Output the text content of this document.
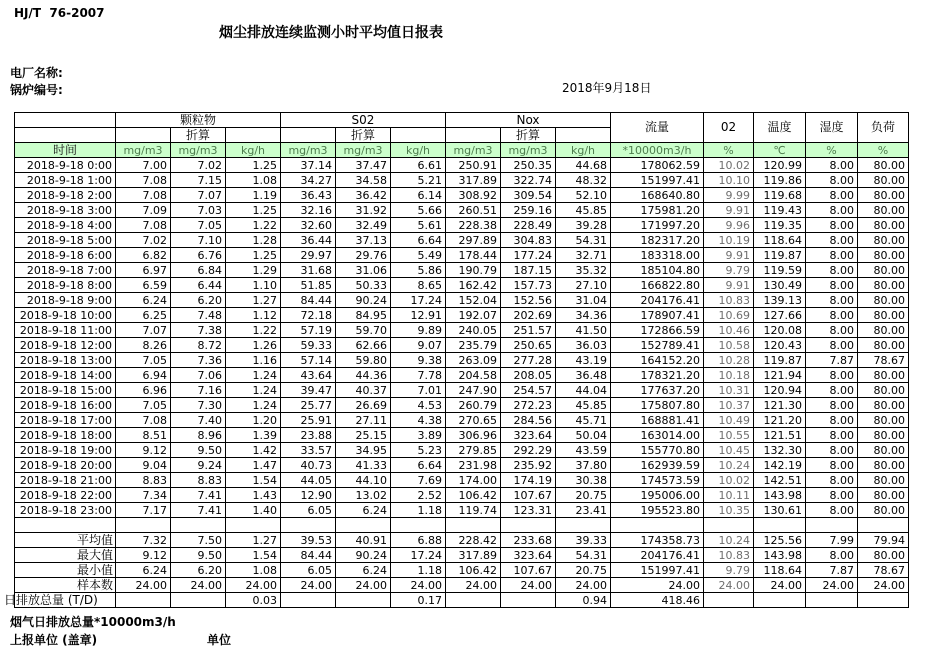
HJ/T  76-2007
烟尘排放连续监测小时平均值日报表
电厂名称:
锅炉编号:	2018年9月18日
	颗粒物			S02			Nox			流量	02	温度	湿度	负荷
		折算			折算			折算						
时间	mg/m3	mg/m3	kg/h	mg/m3	mg/m3	kg/h	mg/m3	mg/m3	kg/h	*10000m3/h	%	℃	%	%
2018-9-18 0:00	7.00	7.02	1.25	37.14	37.47	6.61	250.91	250.35	44.68	178062.59	10.02	120.99	8.00	80.00
2018-9-18 1:00	7.08	7.15	1.08	34.27	34.58	5.21	317.89	322.74	48.32	151997.41	10.10	119.86	8.00	80.00
2018-9-18 2:00	7.08	7.07	1.19	36.43	36.42	6.14	308.92	309.54	52.10	168640.80	9.99	119.68	8.00	80.00
2018-9-18 3:00	7.09	7.03	1.25	32.16	31.92	5.66	260.51	259.16	45.85	175981.20	9.91	119.43	8.00	80.00
2018-9-18 4:00	7.08	7.05	1.22	32.60	32.49	5.61	228.38	228.49	39.28	171997.20	9.96	119.35	8.00	80.00
2018-9-18 5:00	7.02	7.10	1.28	36.44	37.13	6.64	297.89	304.83	54.31	182317.20	10.19	118.64	8.00	80.00
2018-9-18 6:00	6.82	6.76	1.25	29.97	29.76	5.49	178.44	177.24	32.71	183318.00	9.91	119.87	8.00	80.00
2018-9-18 7:00	6.97	6.84	1.29	31.68	31.06	5.86	190.79	187.15	35.32	185104.80	9.79	119.59	8.00	80.00
2018-9-18 8:00	6.59	6.44	1.10	51.85	50.33	8.65	162.42	157.73	27.10	166822.80	9.91	130.49	8.00	80.00
2018-9-18 9:00	6.24	6.20	1.27	84.44	90.24	17.24	152.04	152.56	31.04	204176.41	10.83	139.13	8.00	80.00
2018-9-18 10:00	6.25	7.48	1.12	72.18	84.95	12.91	192.07	202.69	34.36	178907.41	10.69	127.66	8.00	80.00
2018-9-18 11:00	7.07	7.38	1.22	57.19	59.70	9.89	240.05	251.57	41.50	172866.59	10.46	120.08	8.00	80.00
2018-9-18 12:00	8.26	8.72	1.26	59.33	62.66	9.07	235.79	250.65	36.03	152789.41	10.58	120.43	8.00	80.00
2018-9-18 13:00	7.05	7.36	1.16	57.14	59.80	9.38	263.09	277.28	43.19	164152.20	10.28	119.87	7.87	78.67
2018-9-18 14:00	6.94	7.06	1.24	43.64	44.36	7.78	204.58	208.05	36.48	178321.20	10.18	121.94	8.00	80.00
2018-9-18 15:00	6.96	7.16	1.24	39.47	40.37	7.01	247.90	254.57	44.04	177637.20	10.31	120.94	8.00	80.00
2018-9-18 16:00	7.05	7.30	1.24	25.77	26.69	4.53	260.79	272.23	45.85	175807.80	10.37	121.30	8.00	80.00
2018-9-18 17:00	7.08	7.40	1.20	25.91	27.11	4.38	270.65	284.56	45.71	168881.41	10.49	121.20	8.00	80.00
2018-9-18 18:00	8.51	8.96	1.39	23.88	25.15	3.89	306.96	323.64	50.04	163014.00	10.55	121.51	8.00	80.00
2018-9-18 19:00	9.12	9.50	1.42	33.57	34.95	5.23	279.85	292.29	43.59	155770.80	10.45	132.30	8.00	80.00
2018-9-18 20:00	9.04	9.24	1.47	40.73	41.33	6.64	231.98	235.92	37.80	162939.59	10.24	142.19	8.00	80.00
2018-9-18 21:00	8.83	8.83	1.54	44.05	44.10	7.69	174.00	174.19	30.38	174573.59	10.02	142.51	8.00	80.00
2018-9-18 22:00	7.34	7.41	1.43	12.90	13.02	2.52	106.42	107.67	20.75	195006.00	10.11	143.98	8.00	80.00
2018-9-18 23:00	7.17	7.41	1.40	6.05	6.24	1.18	119.74	123.31	23.41	195523.80	10.35	130.61	8.00	80.00

平均值	7.32	7.50	1.27	39.53	40.91	6.88	228.42	233.68	39.33	174358.73	10.24	125.56	7.99	79.94
最大值	9.12	9.50	1.54	84.44	90.24	17.24	317.89	323.64	54.31	204176.41	10.83	143.98	8.00	80.00
最小值	6.24	6.20	1.08	6.05	6.24	1.18	106.42	107.67	20.75	151997.41	9.79	118.64	7.87	78.67
样本数	24.00	24.00	24.00	24.00	24.00	24.00	24.00	24.00	24.00	24.00	24.00	24.00	24.00	24.00
日排放总量 (T/D)			0.03			0.17			0.94	418.46				
烟气日排放总量*10000m3/h
上报单位 (盖章)	单位
